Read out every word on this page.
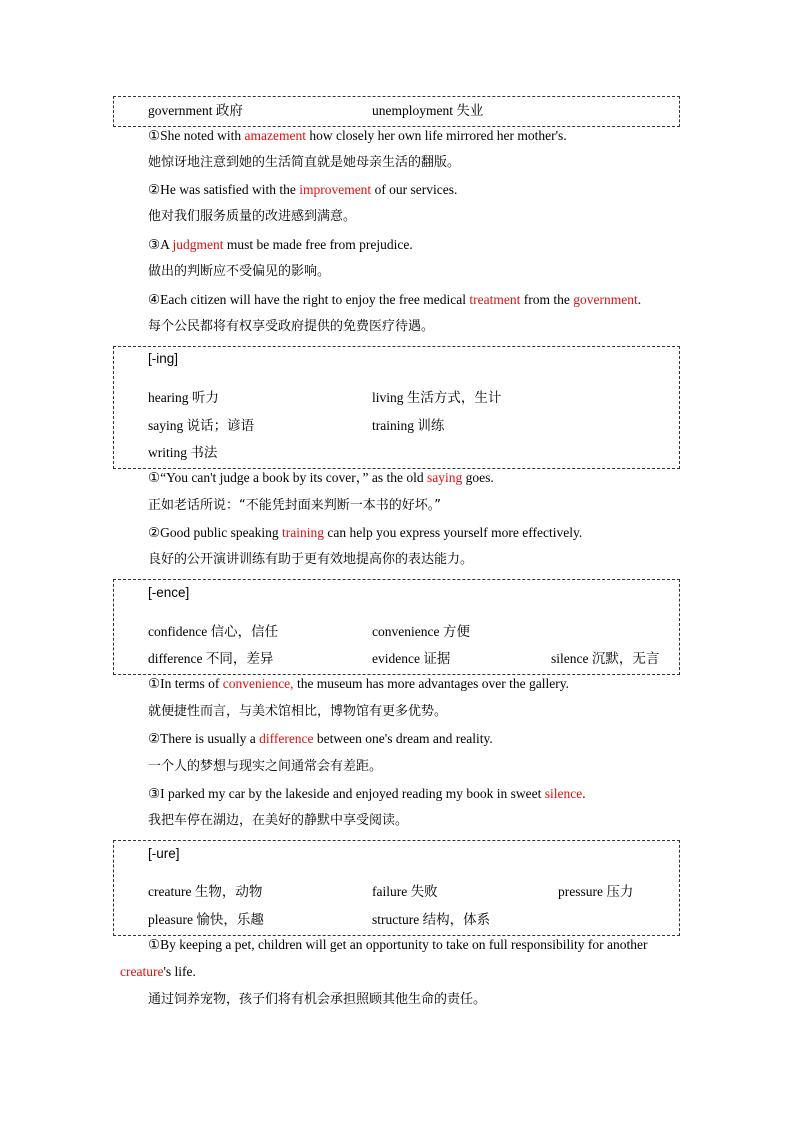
government 政府	unemployment 失业
①She noted with amazement how closely her own life mirrored her mother's.
她惊讶地注意到她的生活简直就是她母亲生活的翻版。
②He was satisfied with the improvement of our services.
他对我们服务质量的改进感到满意。
③A judgment must be made free from prejudice.
做出的判断应不受偏见的影响。
④Each citizen will have the right to enjoy the free medical treatment from the government.
每个公民都将有权享受政府提供的免费医疗待遇。
[-ing]
hearing 听力	living 生活方式，生计
saying 说话；谚语	training 训练
writing 书法
①“You can't judge a book by its cover，” as the old saying goes.
正如老话所说：“不能凭封面来判断一本书的好坏。”
②Good public speaking training can help you express yourself more effectively.
良好的公开演讲训练有助于更有效地提高你的表达能力。
[-ence]
confidence 信心，信任	convenience 方便
difference 不同，差异	evidence 证据	silence 沉默，无言
①In terms of convenience, the museum has more advantages over the gallery.
就便捷性而言，与美术馆相比，博物馆有更多优势。
②There is usually a difference between one's dream and reality.
一个人的梦想与现实之间通常会有差距。
③I parked my car by the lakeside and enjoyed reading my book in sweet silence.
我把车停在湖边，在美好的静默中享受阅读。
[-ure]
creature 生物，动物	failure 失败	pressure 压力
pleasure 愉快，乐趣	structure 结构，体系
①By keeping a pet, children will get an opportunity to take on full responsibility for another
creature's life.
通过饲养宠物，孩子们将有机会承担照顾其他生命的责任。
